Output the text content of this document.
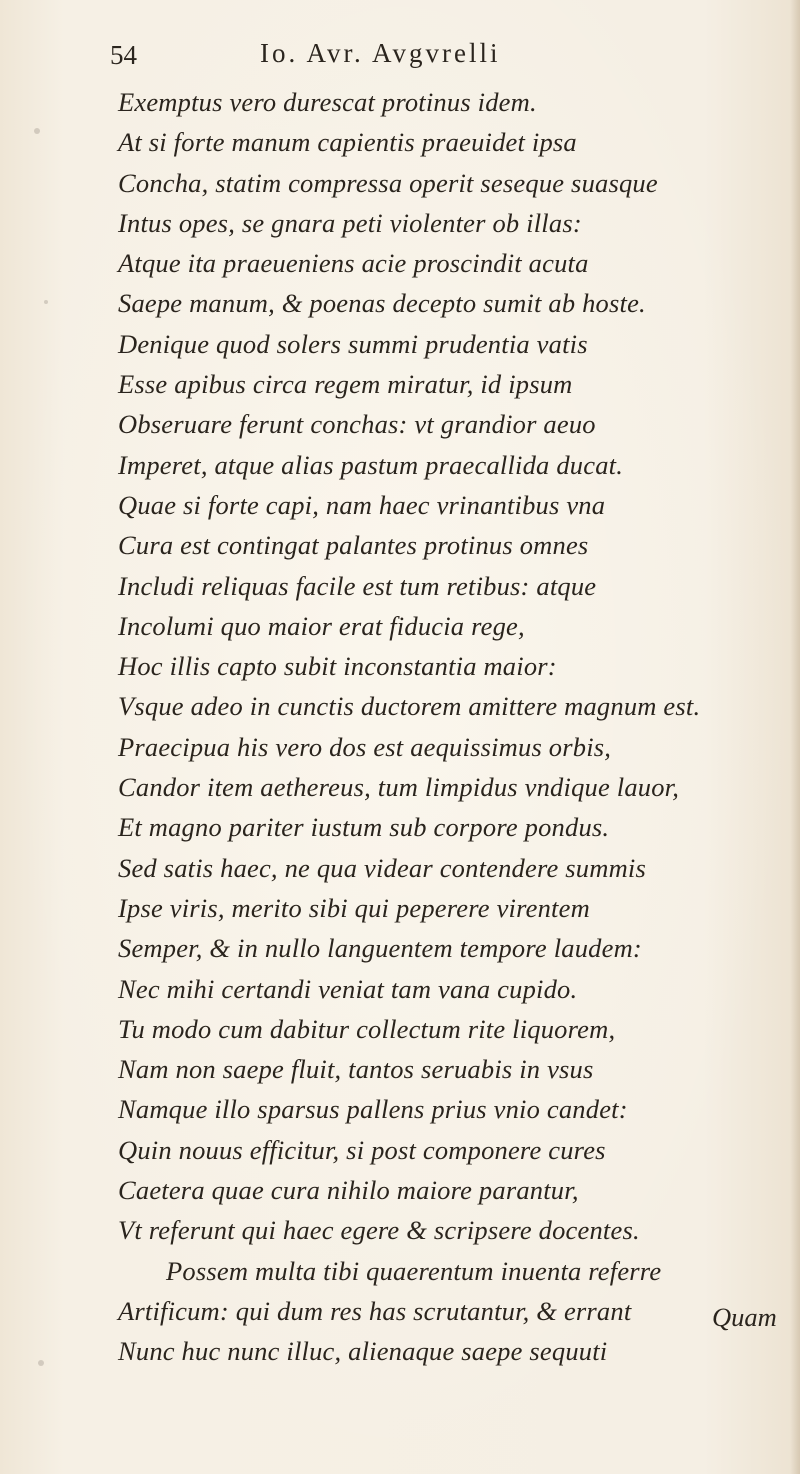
54	Io. Avr. Avgvrelli
Exemptus vero durescat protinus idem.
At si forte manum capientis praeuidet ipsa
Concha, statim compressa operit seseque suasque
Intus opes, se gnara peti violenter ob illas:
Atque ita praeueniens acie proscindit acuta
Saepe manum, & poenas decepto sumit ab hoste.
Denique quod solers summi prudentia vatis
Esse apibus circa regem miratur, id ipsum
Obseruare ferunt conchas: vt grandior aeuo
Imperet, atque alias pastum praecallida ducat.
Quae si forte capi, nam haec vrinantibus vna
Cura est contingat palantes protinus omnes
Includi reliquas facile est tum retibus: atque
Incolumi quo maior erat fiducia rege,
Hoc illis capto subit inconstantia maior:
Vsque adeo in cunctis ductorem amittere magnum est.
Praecipua his vero dos est aequissimus orbis,
Candor item aethereus, tum limpidus vndique lauor,
Et magno pariter iustum sub corpore pondus.
Sed satis haec, ne qua videar contendere summis
Ipse viris, merito sibi qui peperere virentem
Semper, & in nullo languentem tempore laudem:
Nec mihi certandi veniat tam vana cupido.
Tu modo cum dabitur collectum rite liquorem,
Nam non saepe fluit, tantos seruabis in vsus
Namque illo sparsus pallens prius vnio candet:
Quin nouus efficitur, si post componere cures
Caetera quae cura nihilo maiore parantur,
Vt referunt qui haec egere & scripsere docentes.
Possem multa tibi quaerentum inuenta referre
Artificum: qui dum res has scrutantur, & errant
Nunc huc nunc illuc, alienaque saepe sequuti
Quam
